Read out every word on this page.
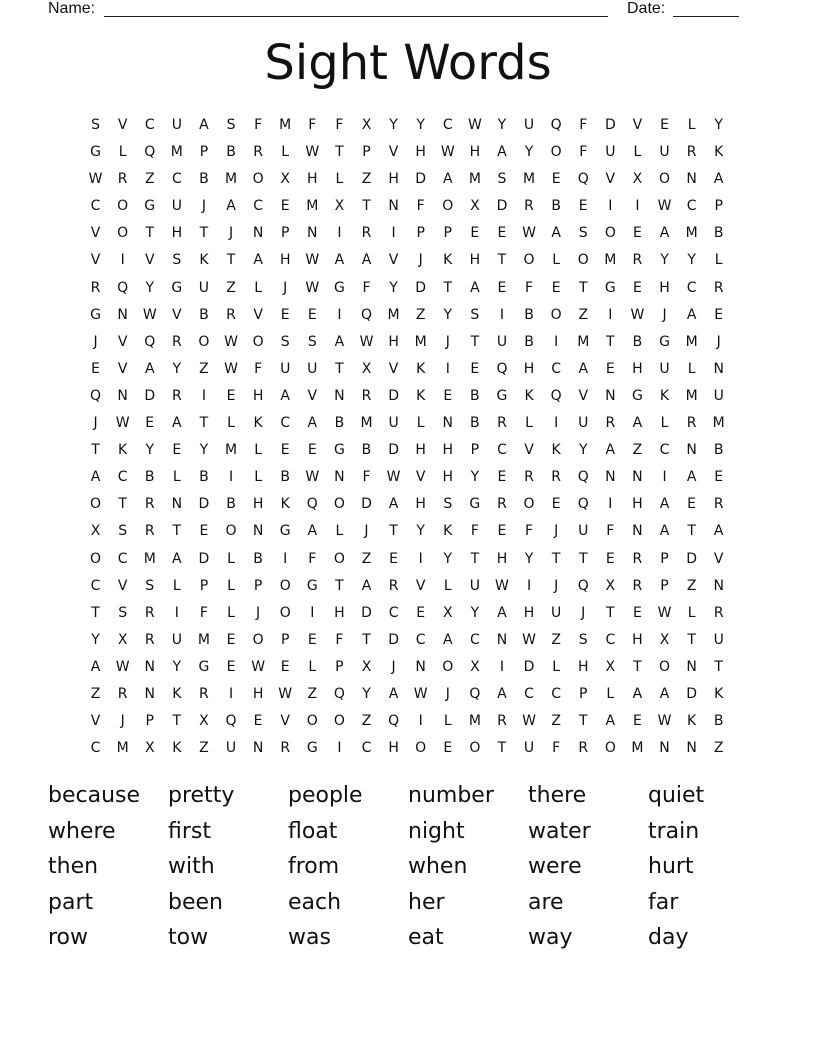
Name:	Date:
Sight Words
S V C U A S F M F F X Y Y C W Y U Q F D V E L Y
G L Q M P B R L W T P V H W H A Y O F U L U R K
W R Z C B M O X H L Z H D A M S M E Q V X O N A
C O G U J A C E M X T N F O X D R B E I I W C P
V O T H T J N P N I R I P P E E W A S O E A M B
V I V S K T A H W A A V J K H T O L O M R Y Y L
R Q Y G U Z L J W G F Y D T A E F E T G E H C R
G N W V B R V E E I Q M Z Y S I B O Z I W J A E
J V Q R O W O S S A W H M J T U B I M T B G M J
E V A Y Z W F U U T X V K I E Q H C A E H U L N
Q N D R I E H A V N R D K E B G K Q V N G K M U
J W E A T L K C A B M U L N B R L I U R A L R M
T K Y E Y M L E E G B D H H P C V K Y A Z C N B
A C B L B I L B W N F W V H Y E R R Q N N I A E
O T R N D B H K Q O D A H S G R O E Q I H A E R
X S R T E O N G A L J T Y K F E F J U F N A T A
O C M A D L B I F O Z E I Y T H Y T T E R P D V
C V S L P L P O G T A R V L U W I J Q X R P Z N
T S R I F L J O I H D C E X Y A H U J T E W L R
Y X R U M E O P E F T D C A C N W Z S C H X T U
A W N Y G E W E L P X J N O X I D L H X T O N T
Z R N K R I H W Z Q Y A W J Q A C C P L A A D K
V J P T X Q E V O O Z Q I L M R W Z T A E W K B
C M X K Z U N R G I C H O E O T U F R O M N N Z
because pretty people number there	quiet
where first	float	night	water	train
then	with	from	when	were	hurt
part	been	each	her	are	far
row	tow	was	eat	way	day
